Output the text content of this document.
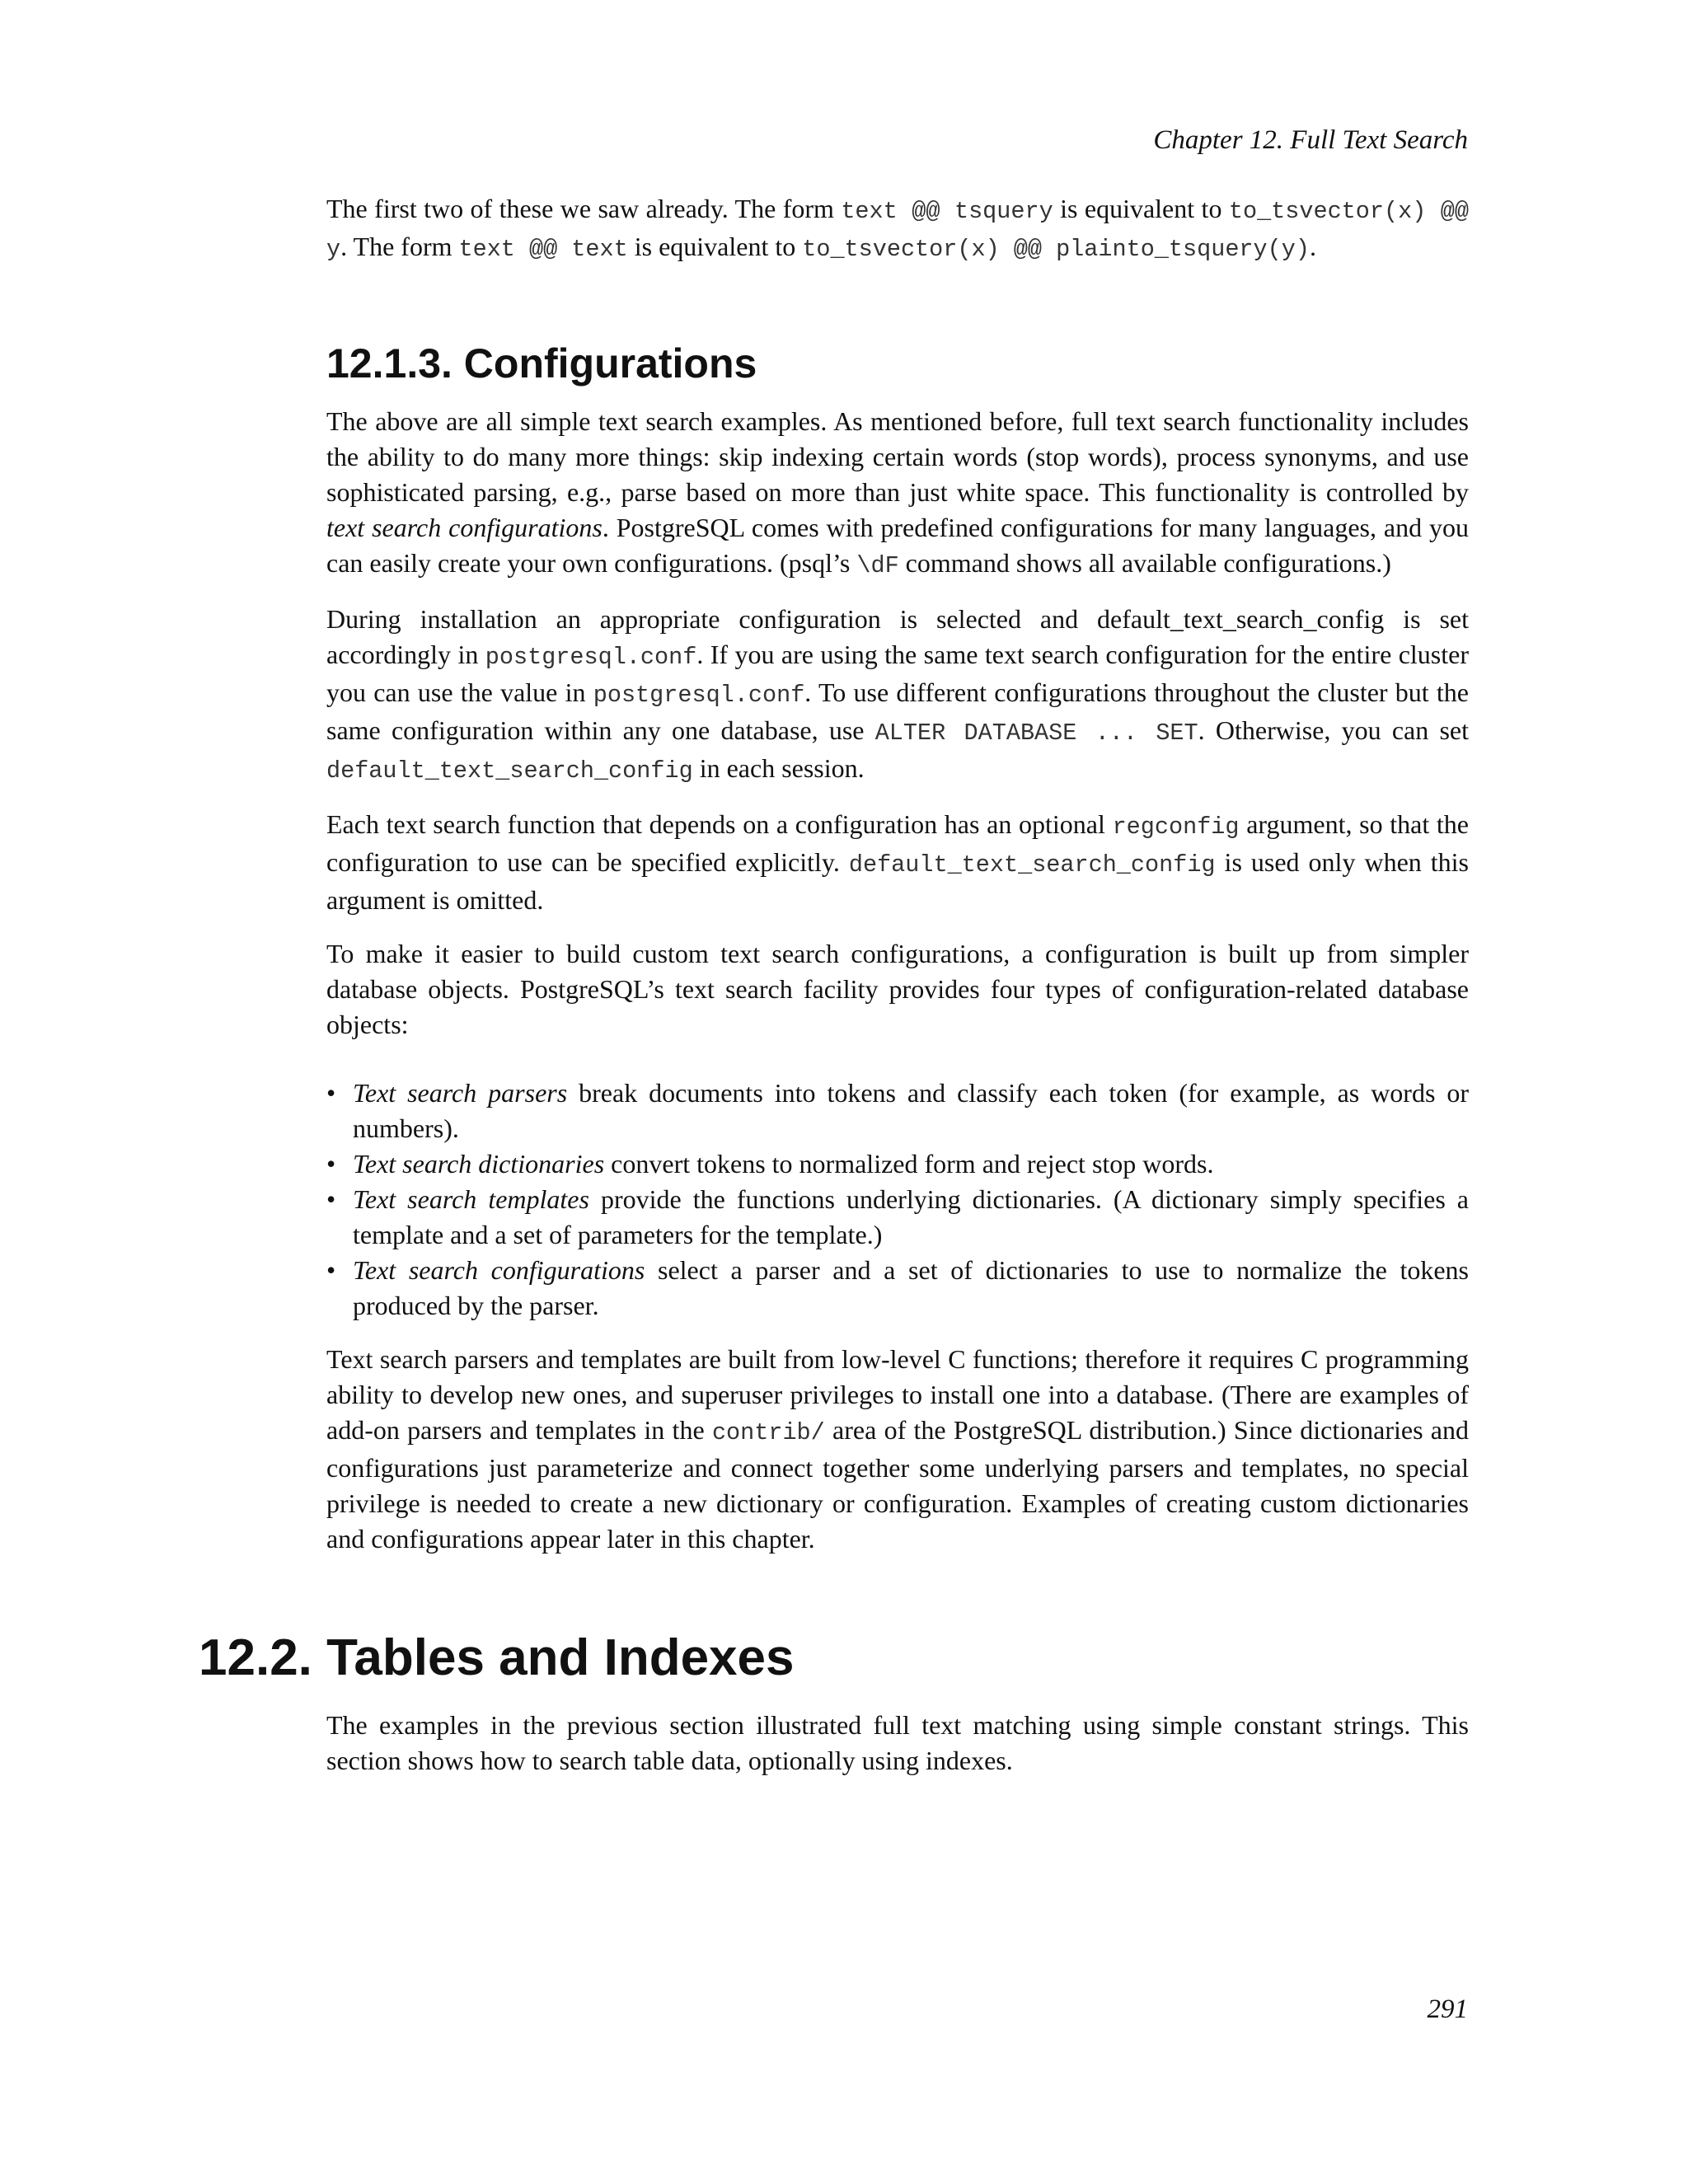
Chapter 12. Full Text Search

The first two of these we saw already. The form text @@ tsquery is equivalent to to_tsvector(x) @@ y. The form text @@ text is equivalent to to_tsvector(x) @@ plainto_tsquery(y).

12.1.3. Configurations

The above are all simple text search examples. As mentioned before, full text search functionality includes the ability to do many more things: skip indexing certain words (stop words), process synonyms, and use sophisticated parsing, e.g., parse based on more than just white space. This functionality is controlled by text search configurations. PostgreSQL comes with predefined configurations for many languages, and you can easily create your own configurations. (psql’s \dF command shows all available configurations.)

During installation an appropriate configuration is selected and default_text_search_config is set accordingly in postgresql.conf. If you are using the same text search configuration for the entire cluster you can use the value in postgresql.conf. To use different configurations throughout the cluster but the same configuration within any one database, use ALTER DATABASE ... SET. Otherwise, you can set default_text_search_config in each session.

Each text search function that depends on a configuration has an optional regconfig argument, so that the configuration to use can be specified explicitly. default_text_search_config is used only when this argument is omitted.

To make it easier to build custom text search configurations, a configuration is built up from simpler database objects. PostgreSQL’s text search facility provides four types of configuration-related database objects:

• Text search parsers break documents into tokens and classify each token (for example, as words or numbers).
• Text search dictionaries convert tokens to normalized form and reject stop words.
• Text search templates provide the functions underlying dictionaries. (A dictionary simply specifies a template and a set of parameters for the template.)
• Text search configurations select a parser and a set of dictionaries to use to normalize the tokens produced by the parser.

Text search parsers and templates are built from low-level C functions; therefore it requires C programming ability to develop new ones, and superuser privileges to install one into a database. (There are examples of add-on parsers and templates in the contrib/ area of the PostgreSQL distribution.) Since dictionaries and configurations just parameterize and connect together some underlying parsers and templates, no special privilege is needed to create a new dictionary or configuration. Examples of creating custom dictionaries and configurations appear later in this chapter.

12.2. Tables and Indexes

The examples in the previous section illustrated full text matching using simple constant strings. This section shows how to search table data, optionally using indexes.

291
